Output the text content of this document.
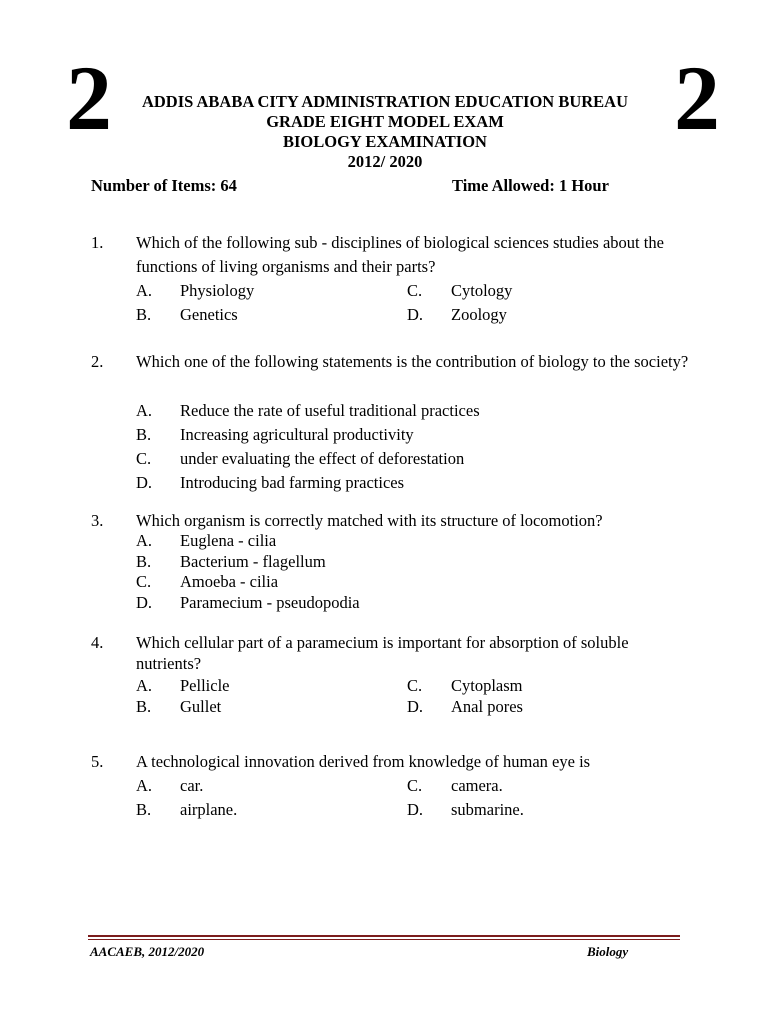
2	2
ADDIS ABABA CITY ADMINISTRATION EDUCATION BUREAU
GRADE EIGHT MODEL EXAM
BIOLOGY EXAMINATION
2012/ 2020
Number of Items: 64	Time Allowed: 1 Hour
1.	Which of the following sub - disciplines of biological sciences studies about the functions of living organisms and their parts?
A. Physiology
B. Genetics
C. Cytology
D. Zoology
2.	Which one of the following statements is the contribution of biology to the society?
A. Reduce the rate of useful traditional practices
B. Increasing agricultural productivity
C. under evaluating the effect of deforestation
D. Introducing bad farming practices
3.	Which organism is correctly matched with its structure of locomotion?
A. Euglena - cilia
B. Bacterium - flagellum
C. Amoeba - cilia
D. Paramecium - pseudopodia
4.	Which cellular part of a paramecium is important for absorption of soluble nutrients?
A. Pellicle
B. Gullet
C. Cytoplasm
D. Anal pores
5.	A technological innovation derived from knowledge of human eye is
A. car.
B. airplane.
C. camera.
D. submarine.
AACAEB, 2012/2020	Biology
